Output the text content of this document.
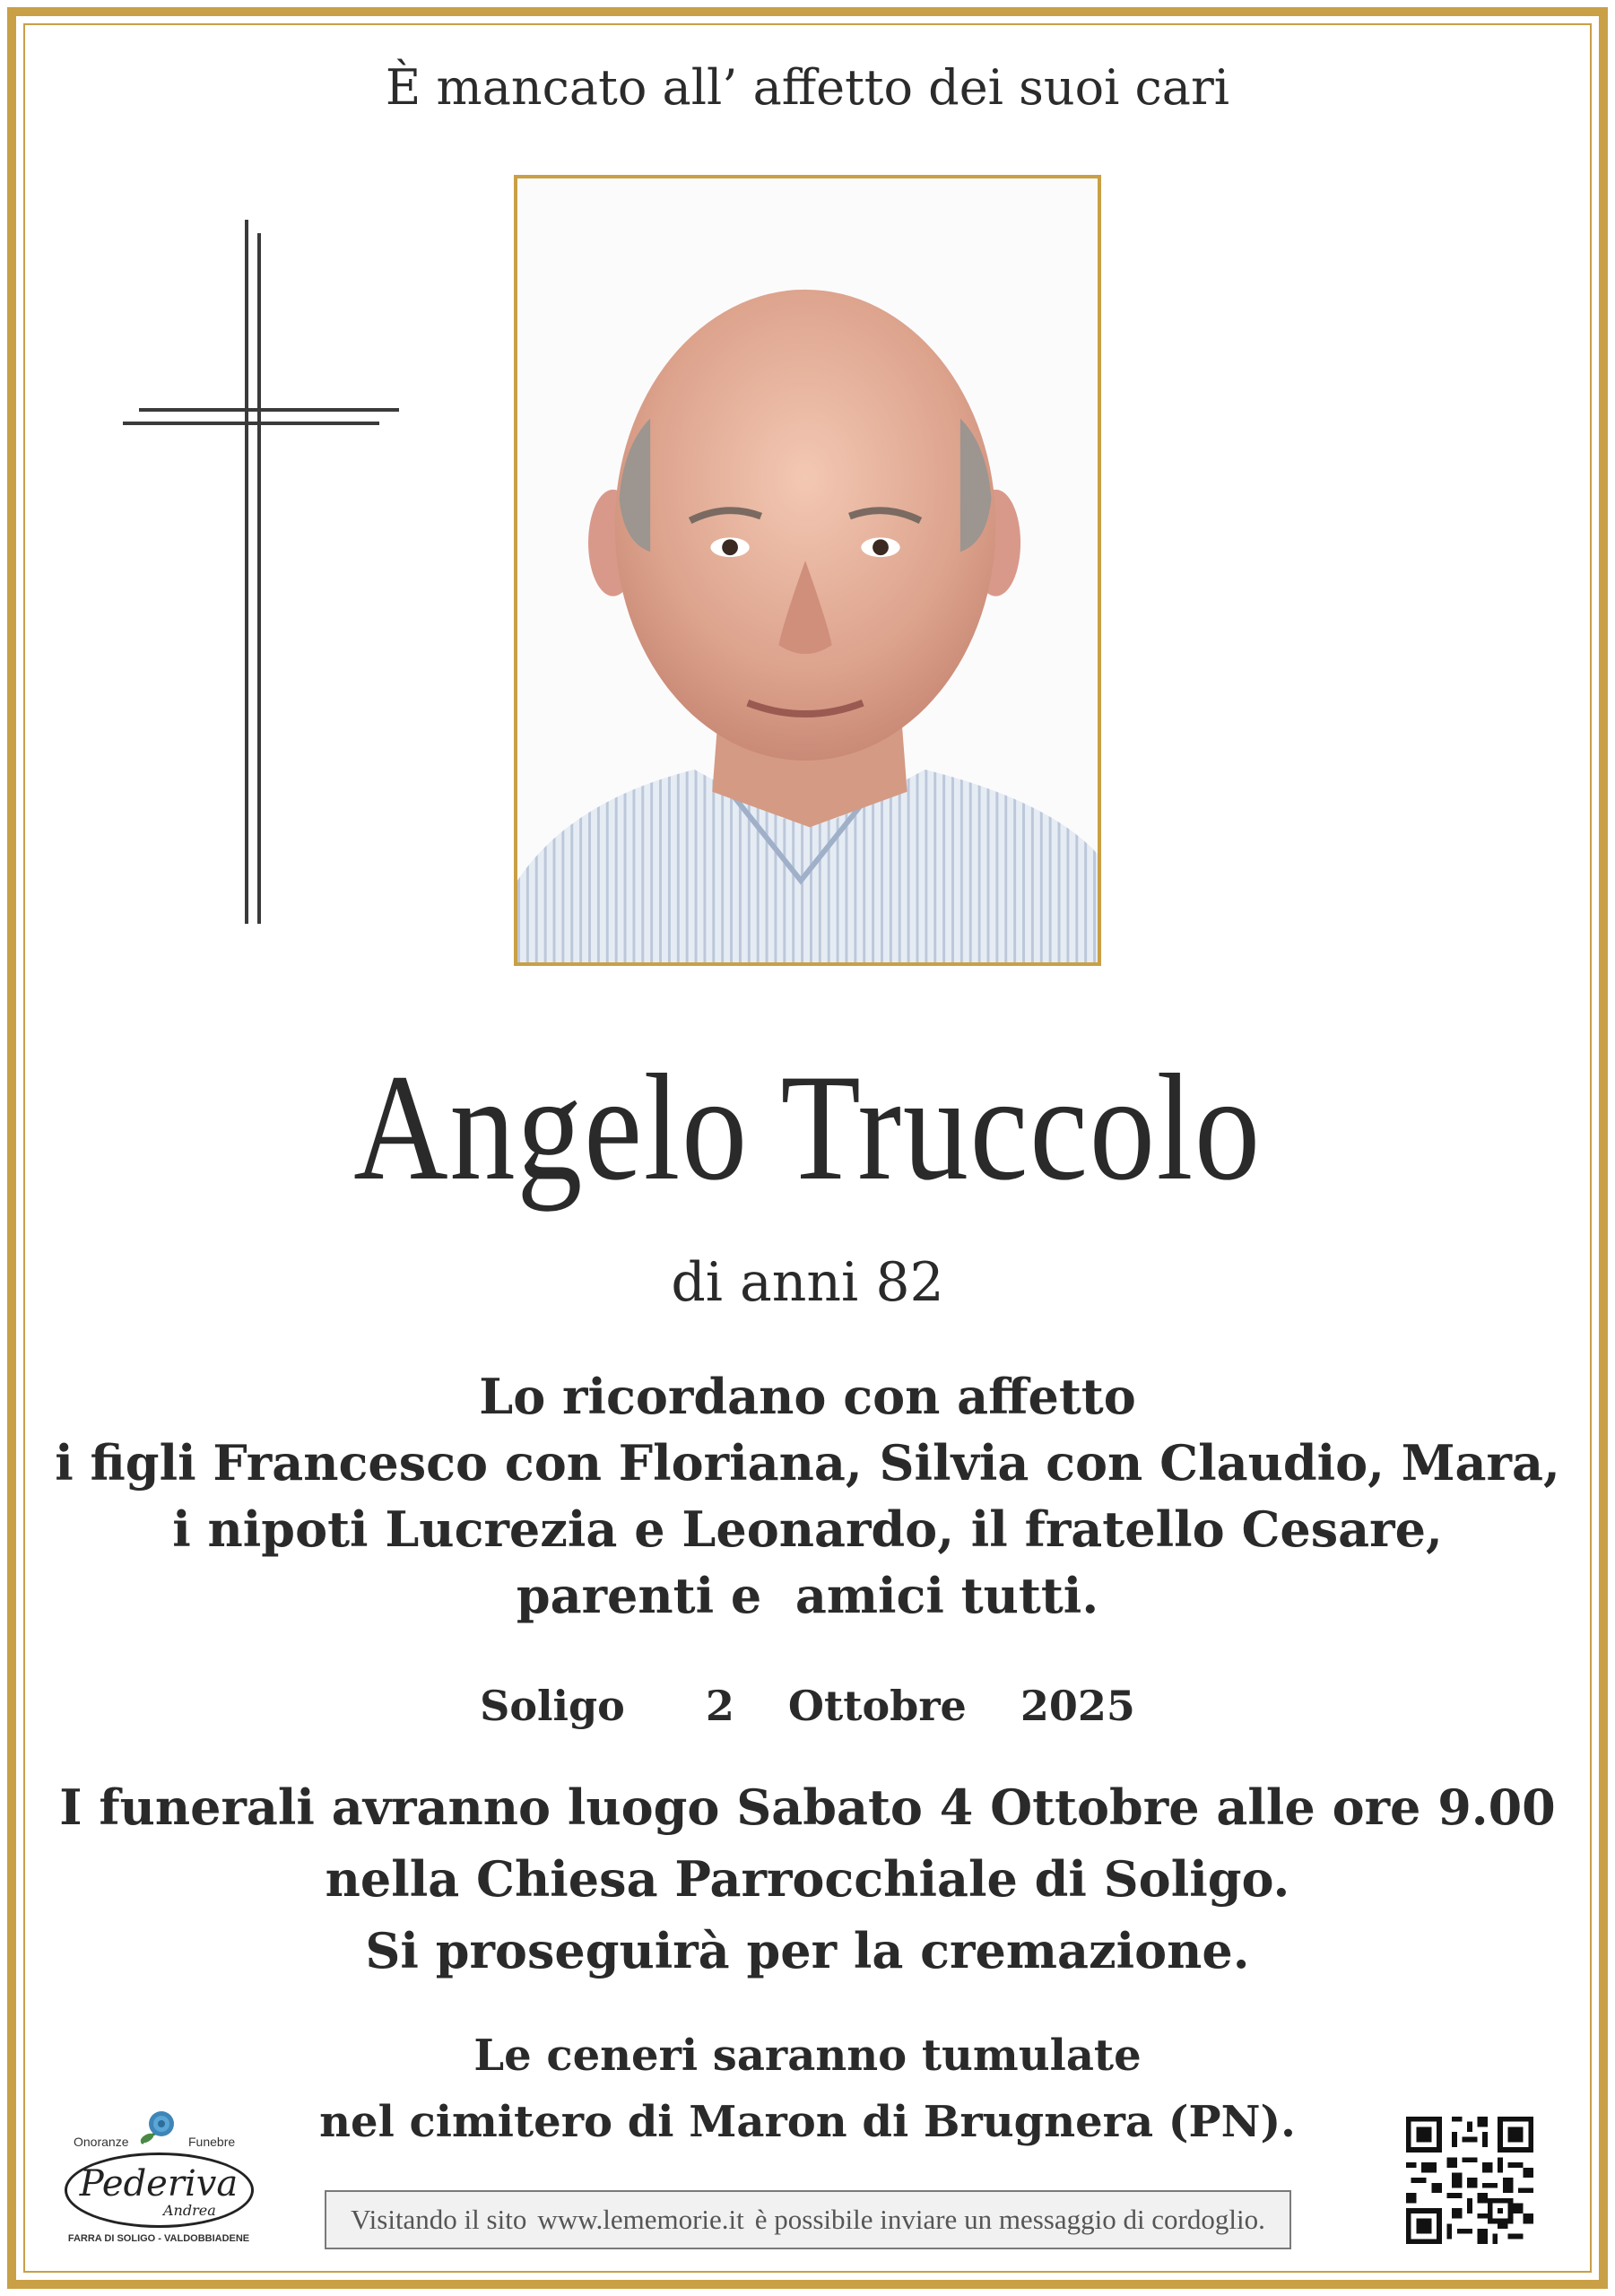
È mancato all’ affetto dei suoi cari
Angelo Truccolo
di anni 82
Lo ricordano con affetto
i figli Francesco con Floriana, Silvia con Claudio, Mara,
i nipoti Lucrezia e Leonardo, il fratello Cesare,
parenti e  amici tutti.
Soligo   2  Ottobre  2025
I funerali avranno luogo Sabato 4 Ottobre alle ore 9.00
nella Chiesa Parrocchiale di Soligo.
Si proseguirà per la cremazione.
Le ceneri saranno tumulate
nel cimitero di Maron di Brugnera (PN).
Visitando il sito www.lememorie.it è possibile inviare un messaggio di cordoglio.
Onoranze	Funebre
Pederiva
Andrea
FARRA DI SOLIGO - VALDOBBIADENE
